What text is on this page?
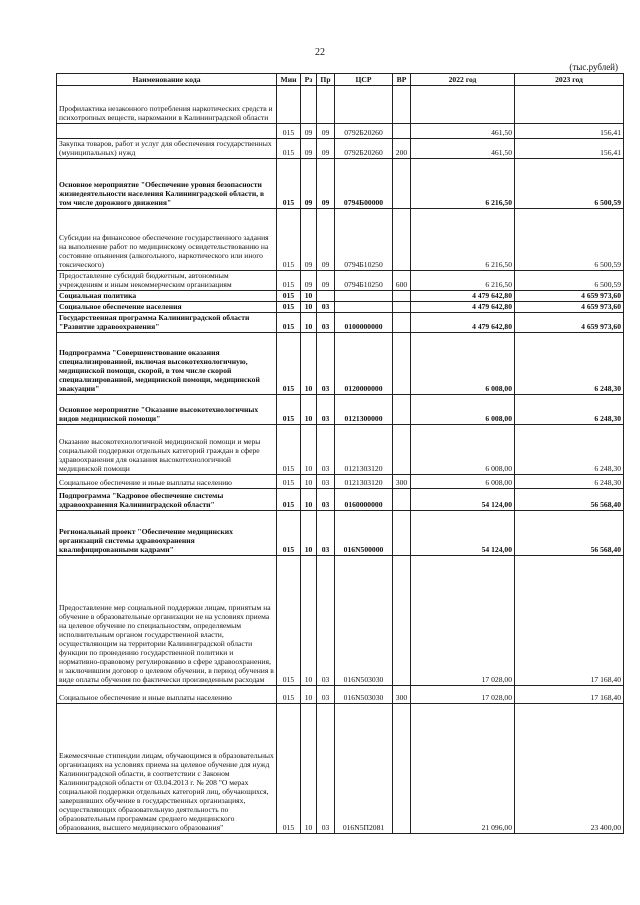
22
(тыс.рублей)
Наименование кода	Мин	Рз	Пр	ЦСР	ВР	2022 год	2023 год
Профилактика незаконного потребления наркотических средств и психотропных веществ, наркомании в Калининградской области							
	015	09	09	0792Б20260		461,50	156,41
Закупка товаров, работ и услуг для обеспечения государственных (муниципальных) нужд	015	09	09	0792Б20260	200	461,50	156,41
Основное мероприятие "Обеспечение уровня безопасности жизнедеятельности населения Калининградской области, в том числе дорожного движения"	015	09	09	0794Б00000		6 216,50	6 500,59
Субсидии на финансовое обеспечение государственного задания на выполнение работ по медицинскому освидетельствованию на состояние опьянения (алкогольного, наркотического или иного токсического)	015	09	09	0794Б10250		6 216,50	6 500,59
Предоставление субсидий бюджетным, автономным учреждениям и иным некоммерческим организациям	015	09	09	0794Б10250	600	6 216,50	6 500,59
Социальная политика	015	10				4 479 642,80	4 659 973,60
Социальное обеспечение населения	015	10	03			4 479 642,80	4 659 973,60
Государственная программа Калининградской области "Развитие здравоохранения"	015	10	03	0100000000		4 479 642,80	4 659 973,60
Подпрограмма "Совершенствование оказания специализированной, включая высокотехнологичную, медицинской помощи, скорой, в том числе скорой специализированной, медицинской помощи, медицинской эвакуации"	015	10	03	0120000000		6 008,00	6 248,30
Основное мероприятие "Оказание высокотехнологичных видов медицинской помощи"	015	10	03	0121300000		6 008,00	6 248,30
Оказание высокотехнологичной медицинской помощи и меры социальной поддержки отдельных категорий граждан в сфере здравоохранения для оказания высокотехнологичной медицинской помощи	015	10	03	0121303120		6 008,00	6 248,30
Социальное обеспечение и иные выплаты населению	015	10	03	0121303120	300	6 008,00	6 248,30
Подпрограмма "Кадровое обеспечение системы здравоохранения Калининградской области"	015	10	03	0160000000		54 124,00	56 568,40
Региональный проект "Обеспечение медицинских организаций системы здравоохранения квалифицированными кадрами"	015	10	03	016N500000		54 124,00	56 568,40
Предоставление мер социальной поддержки лицам, принятым на обучение в образовательные организации не на условиях приема на целевое обучение по специальностям, определяемым исполнительным органом государственной власти, осуществляющим на территории Калининградской области функции по проведению государственной политики и нормативно-правовому регулированию в сфере здравоохранения, и заключившим договор о целевом обучении, в период обучения в виде оплаты обучения по фактически произведенным расходам	015	10	03	016N503030		17 028,00	17 168,40
Социальное обеспечение и иные выплаты населению	015	10	03	016N503030	300	17 028,00	17 168,40
Ежемесячные стипендии лицам, обучающимся в образовательных организациях на условиях приема на целевое обучение для нужд Калининградской области, в соответствии с Законом Калининградской области от 03.04.2013 г. № 208 "О мерах социальной поддержки отдельных категорий лиц, обучающихся, завершивших обучение в государственных организациях, осуществляющих образовательную деятельность по образовательным программам среднего медицинского образования, высшего медицинского образования"	015	10	03	016N5П2081		21 096,00	23 400,00
